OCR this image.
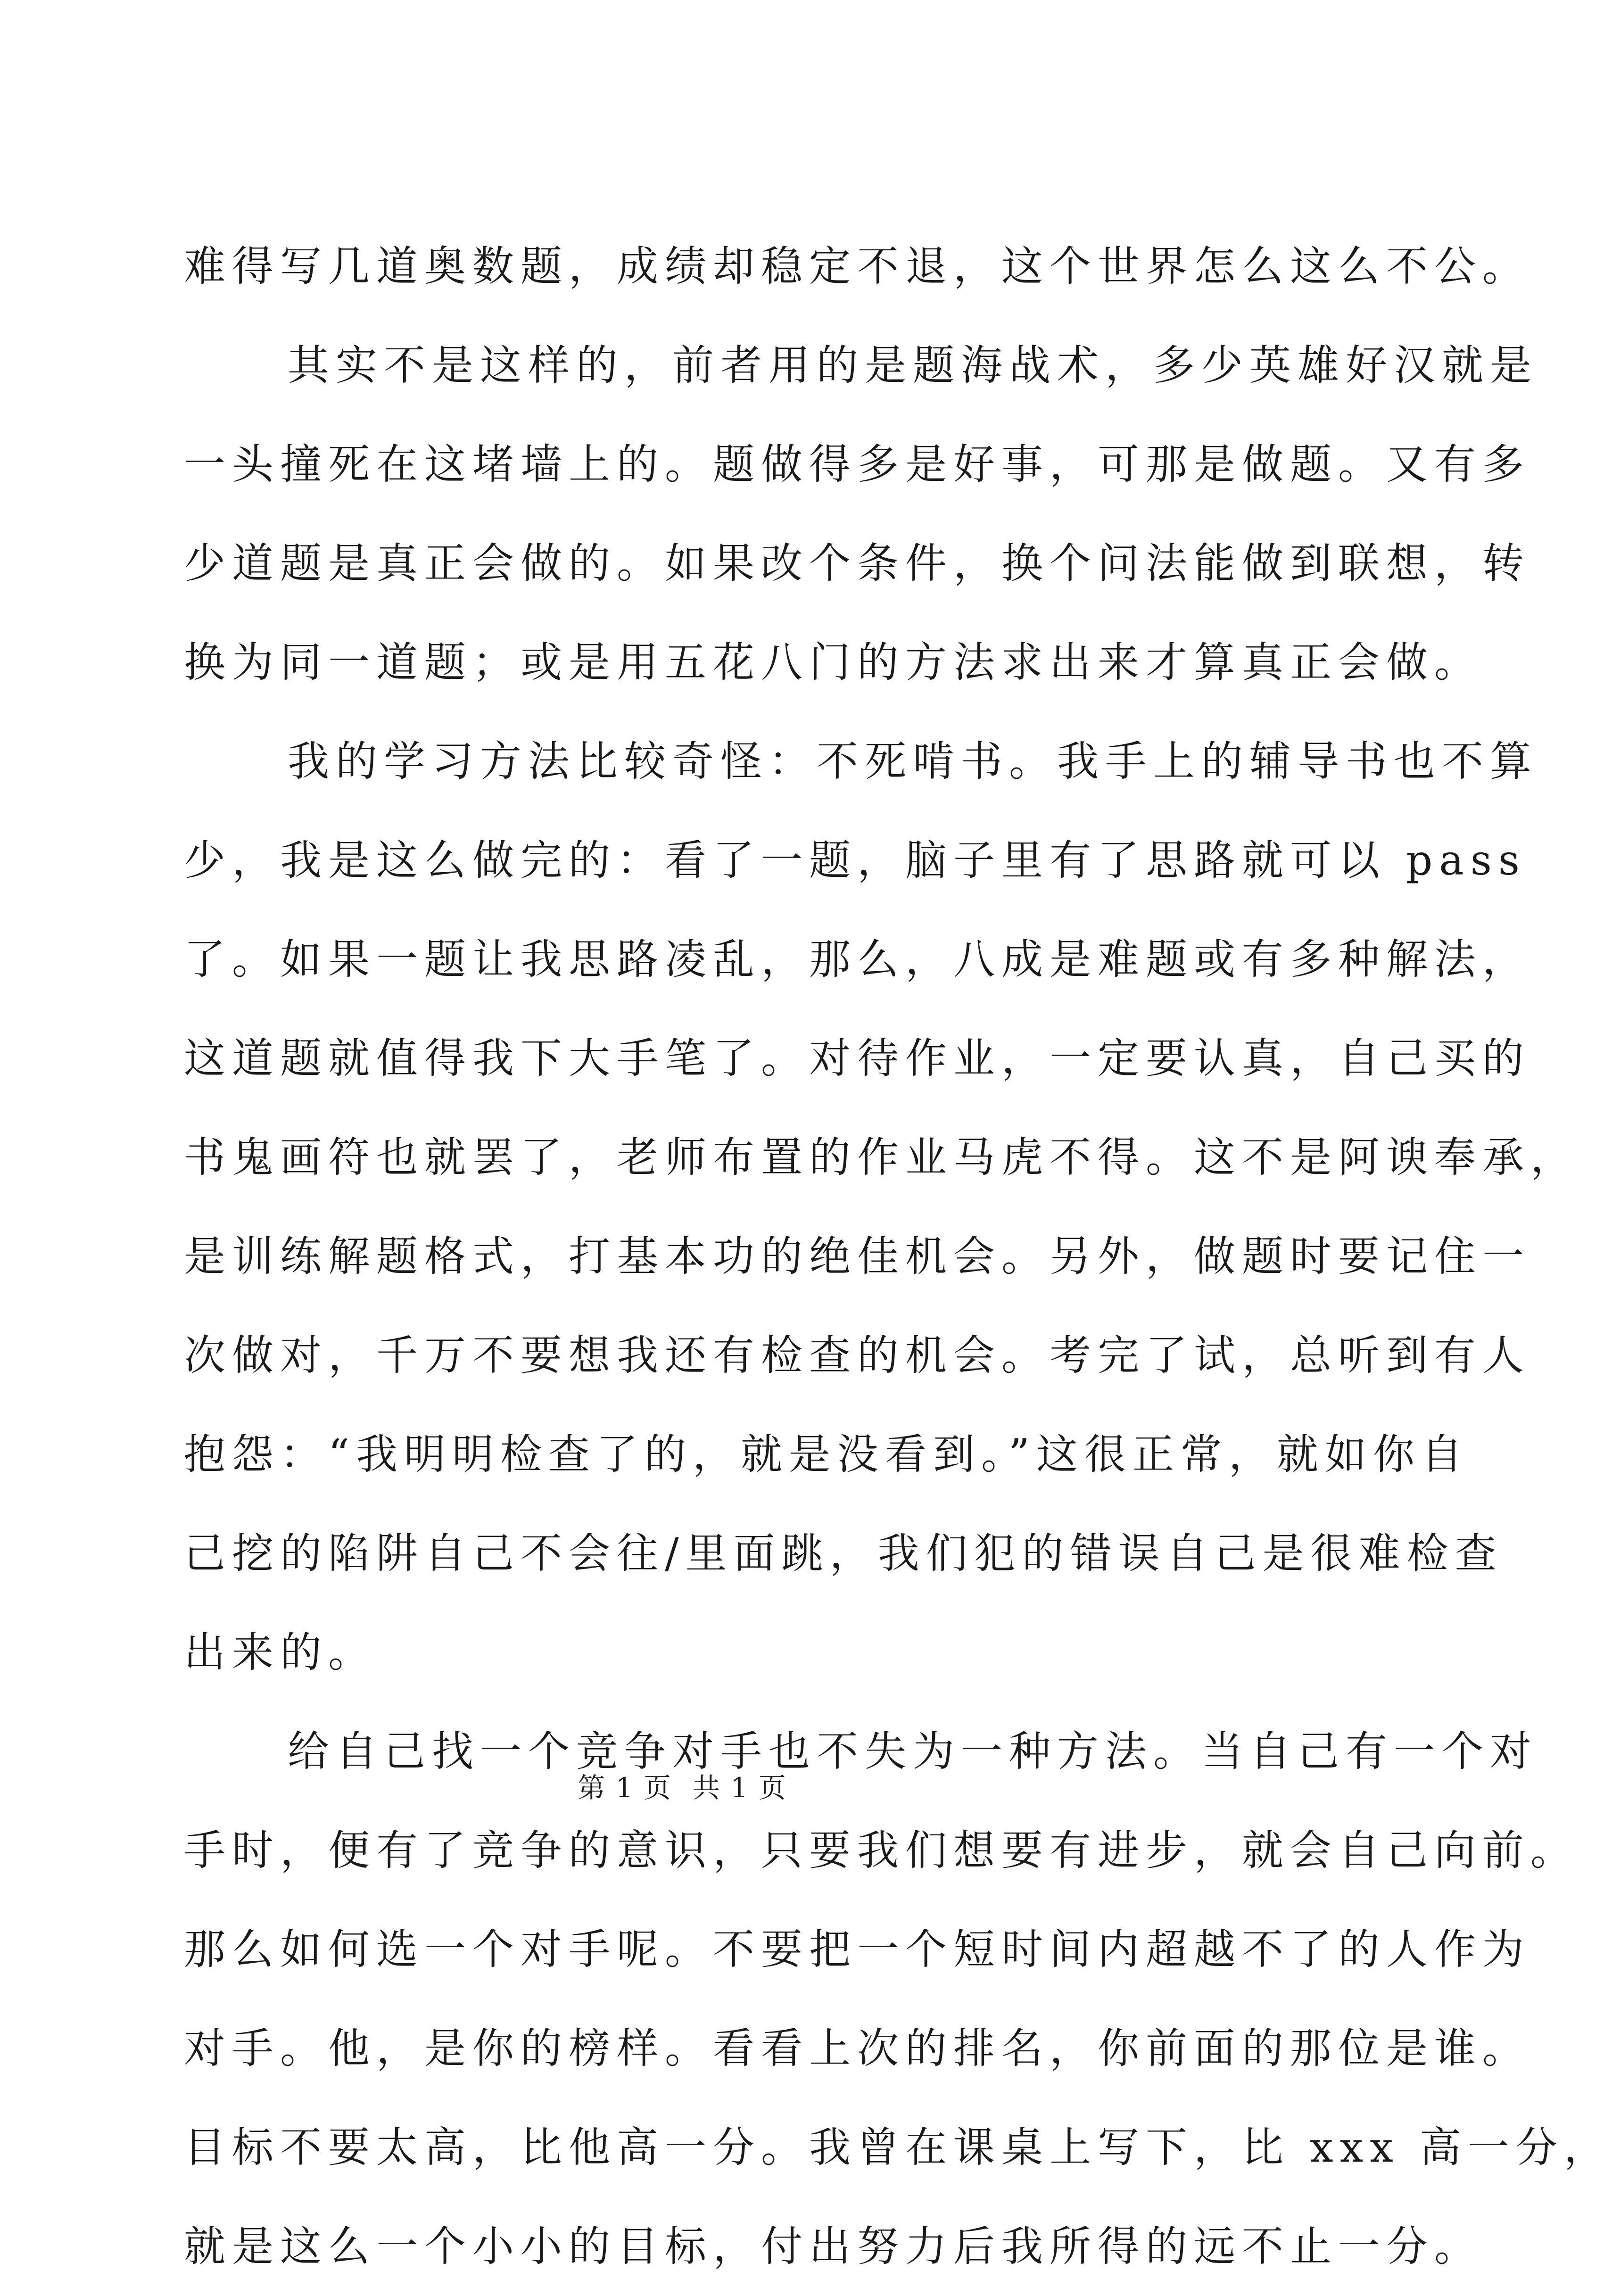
难得写几道奥数题，成绩却稳定不退，这个世界怎么这么不公。
其实不是这样的，前者用的是题海战术，多少英雄好汉就是
一头撞死在这堵墙上的。题做得多是好事，可那是做题。又有多
少道题是真正会做的。如果改个条件，换个问法能做到联想，转
换为同一道题；或是用五花八门的方法求出来才算真正会做。
我的学习方法比较奇怪：不死啃书。我手上的辅导书也不算
少，我是这么做完的：看了一题，脑子里有了思路就可以 pass
了。如果一题让我思路凌乱，那么，八成是难题或有多种解法，
这道题就值得我下大手笔了。对待作业，一定要认真，自己买的
书鬼画符也就罢了，老师布置的作业马虎不得。这不是阿谀奉承，
是训练解题格式，打基本功的绝佳机会。另外，做题时要记住一
次做对，千万不要想我还有检查的机会。考完了试，总听到有人
抱怨：“我明明检查了的，就是没看到。”这很正常，就如你自
己挖的陷阱自己不会往/里面跳，我们犯的错误自己是很难检查
出来的。
给自己找一个竞争对手也不失为一种方法。当自己有一个对
手时，便有了竞争的意识，只要我们想要有进步，就会自己向前。
那么如何选一个对手呢。不要把一个短时间内超越不了的人作为
对手。他，是你的榜样。看看上次的排名，你前面的那位是谁。
目标不要太高，比他高一分。我曾在课桌上写下，比 xxx 高一分，
就是这么一个小小的目标，付出努力后我所得的远不止一分。
第 1 页 共 1 页
